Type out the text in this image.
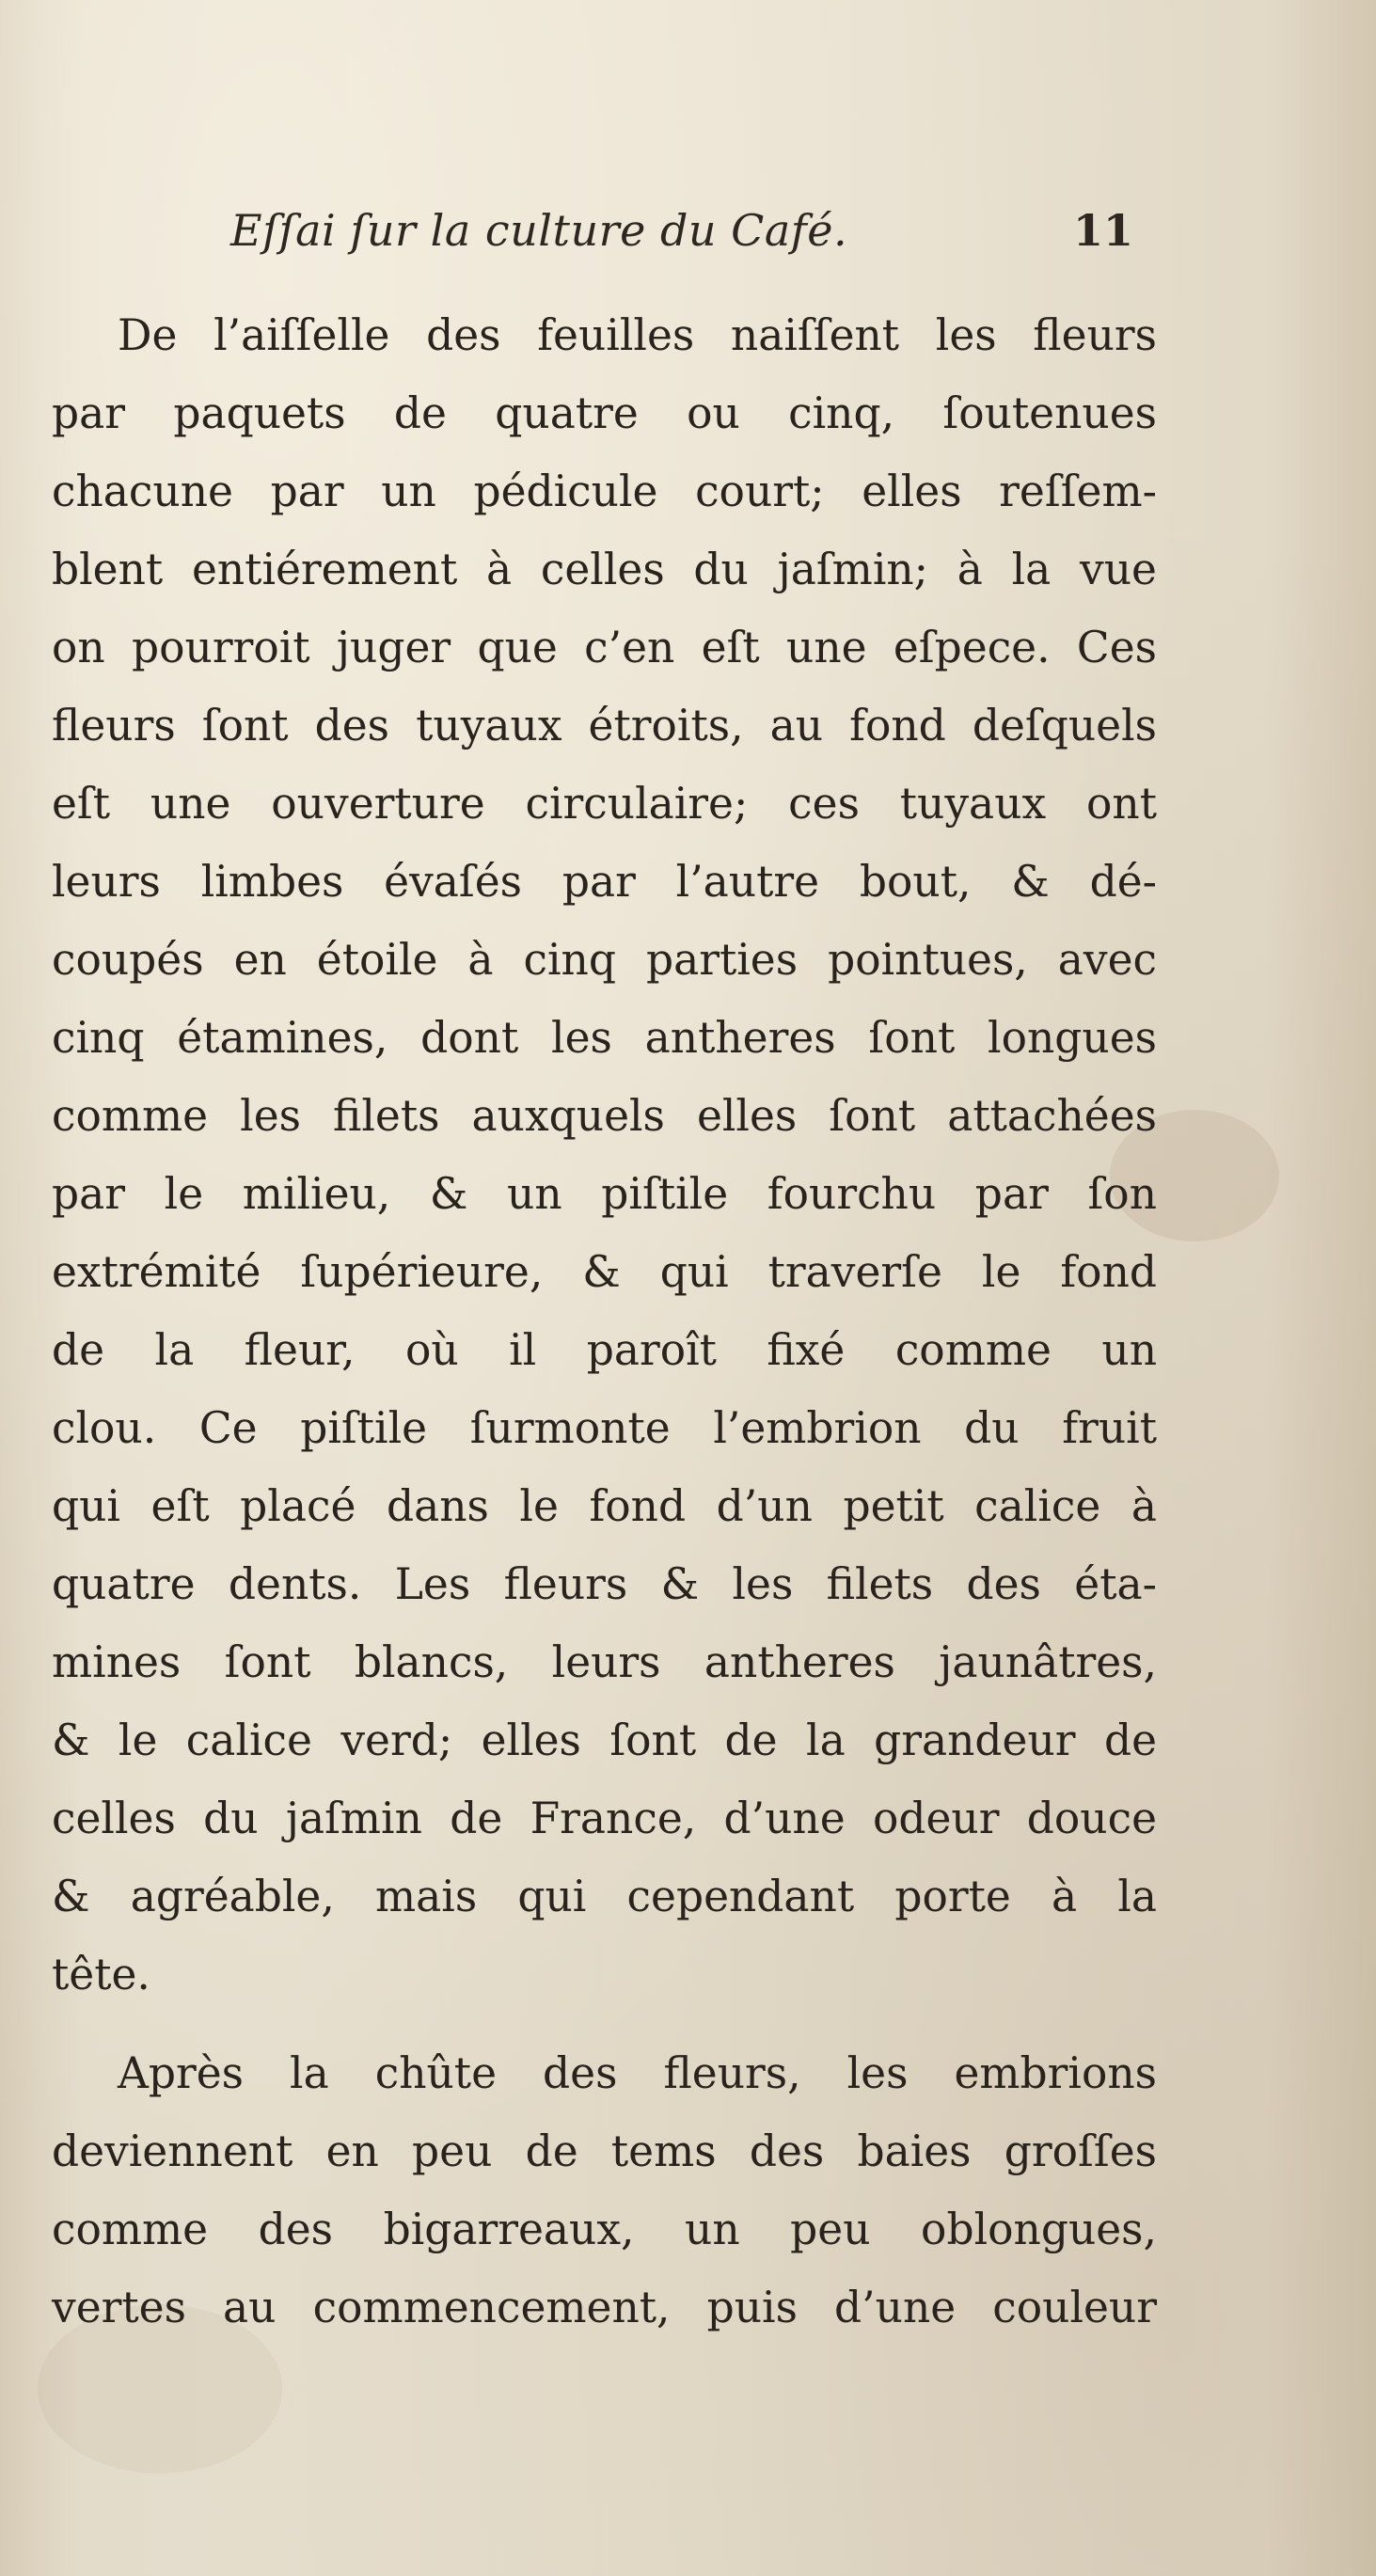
Eſſai ſur la culture du Café.	11
De l’aiſſelle des feuilles naiſſent les fleurs
par paquets de quatre ou cinq, ſoutenues
chacune par un pédicule court; elles reſſem-
blent entiérement à celles du jaſmin; à la vue
on pourroit juger que c’en eſt une eſpece. Ces
fleurs ſont des tuyaux étroits, au fond deſquels
eſt une ouverture circulaire; ces tuyaux ont
leurs limbes évaſés par l’autre bout, & dé-
coupés en étoile à cinq parties pointues, avec
cinq étamines, dont les antheres ſont longues
comme les filets auxquels elles ſont attachées
par le milieu, & un piſtile fourchu par ſon
extrémité ſupérieure, & qui traverſe le fond
de la fleur, où il paroît fixé comme un
clou. Ce piſtile ſurmonte l’embrion du fruit
qui eſt placé dans le fond d’un petit calice à
quatre dents. Les fleurs & les filets des éta-
mines ſont blancs, leurs antheres jaunâtres,
& le calice verd; elles ſont de la grandeur de
celles du jaſmin de France, d’une odeur douce
& agréable, mais qui cependant porte à la
tête.
Après la chûte des fleurs, les embrions
deviennent en peu de tems des baies groſſes
comme des bigarreaux, un peu oblongues,
vertes au commencement, puis d’une couleur
